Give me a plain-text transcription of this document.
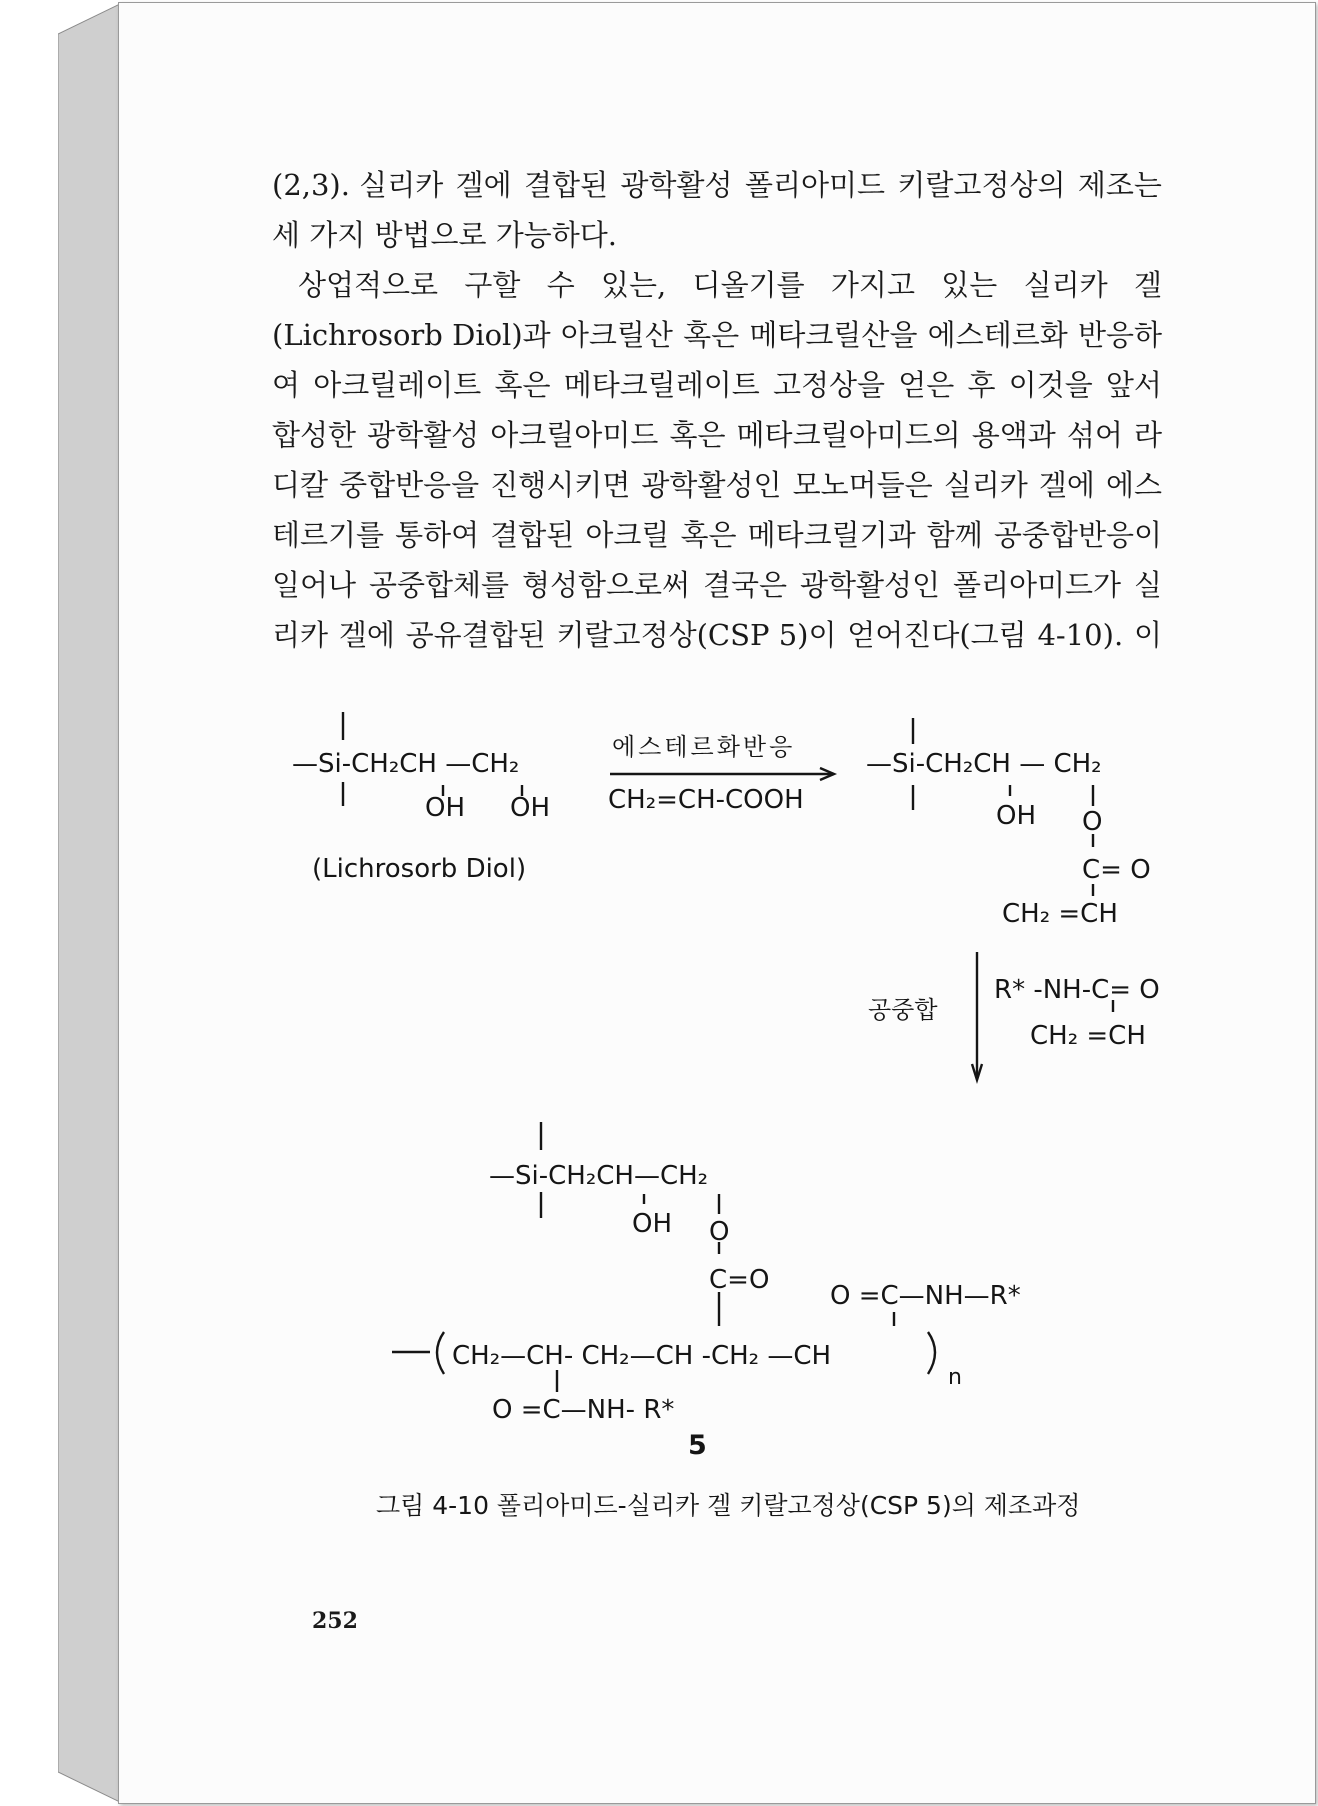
(2,3). 실리카 겔에 결합된 광학활성 폴리아미드 키랄고정상의 제조는
세 가지 방법으로 가능하다.
상업적으로 구할 수 있는, 디올기를 가지고 있는 실리카 겔
(Lichrosorb Diol)과 아크릴산 혹은 메타크릴산을 에스테르화 반응하
여 아크릴레이트 혹은 메타크릴레이트 고정상을 얻은 후 이것을 앞서
합성한 광학활성 아크릴아미드 혹은 메타크릴아미드의 용액과 섞어 라
디칼 중합반응을 진행시키면 광학활성인 모노머들은 실리카 겔에 에스
테르기를 통하여 결합된 아크릴 혹은 메타크릴기과 함께 공중합반응이
일어나 공중합체를 형성함으로써 결국은 광학활성인 폴리아미드가 실
리카 겔에 공유결합된 키랄고정상(CSP 5)이 얻어진다(그림 4-10). 이
—Si-CH₂CH —CH₂
OH OH
(Lichrosorb Diol)
에스테르화반응
CH₂=CH-COOH
—Si-CH₂CH — CH₂
OH O
C= O
CH₂ =CH
공중합
R* -NH-C= O
CH₂ =CH
—Si-CH₂CH—CH₂
OH O
C=O
O =C—NH—R*
CH₂—CH- CH₂—CH -CH₂ —CH
n
O =C—NH- R*
5
그림 4-10 폴리아미드-실리카 겔 키랄고정상(CSP 5)의 제조과정
252
